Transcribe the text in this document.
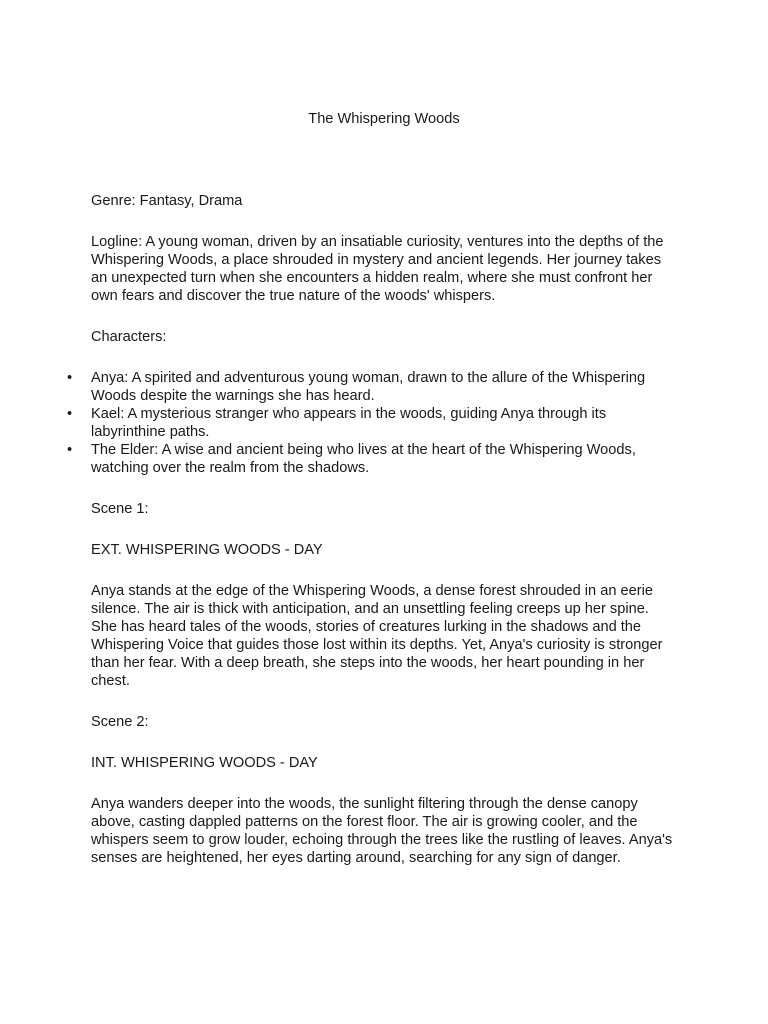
The Whispering Woods

Genre: Fantasy, Drama

Logline: A young woman, driven by an insatiable curiosity, ventures into the depths of the Whispering Woods, a place shrouded in mystery and ancient legends. Her journey takes an unexpected turn when she encounters a hidden realm, where she must confront her own fears and discover the true nature of the woods' whispers.

Characters:

• Anya: A spirited and adventurous young woman, drawn to the allure of the Whispering Woods despite the warnings she has heard.
• Kael: A mysterious stranger who appears in the woods, guiding Anya through its labyrinthine paths.
• The Elder: A wise and ancient being who lives at the heart of the Whispering Woods, watching over the realm from the shadows.

Scene 1:

EXT. WHISPERING WOODS - DAY

Anya stands at the edge of the Whispering Woods, a dense forest shrouded in an eerie silence. The air is thick with anticipation, and an unsettling feeling creeps up her spine. She has heard tales of the woods, stories of creatures lurking in the shadows and the Whispering Voice that guides those lost within its depths. Yet, Anya's curiosity is stronger than her fear. With a deep breath, she steps into the woods, her heart pounding in her chest.

Scene 2:

INT. WHISPERING WOODS - DAY

Anya wanders deeper into the woods, the sunlight filtering through the dense canopy above, casting dappled patterns on the forest floor. The air is growing cooler, and the whispers seem to grow louder, echoing through the trees like the rustling of leaves. Anya's senses are heightened, her eyes darting around, searching for any sign of danger.
